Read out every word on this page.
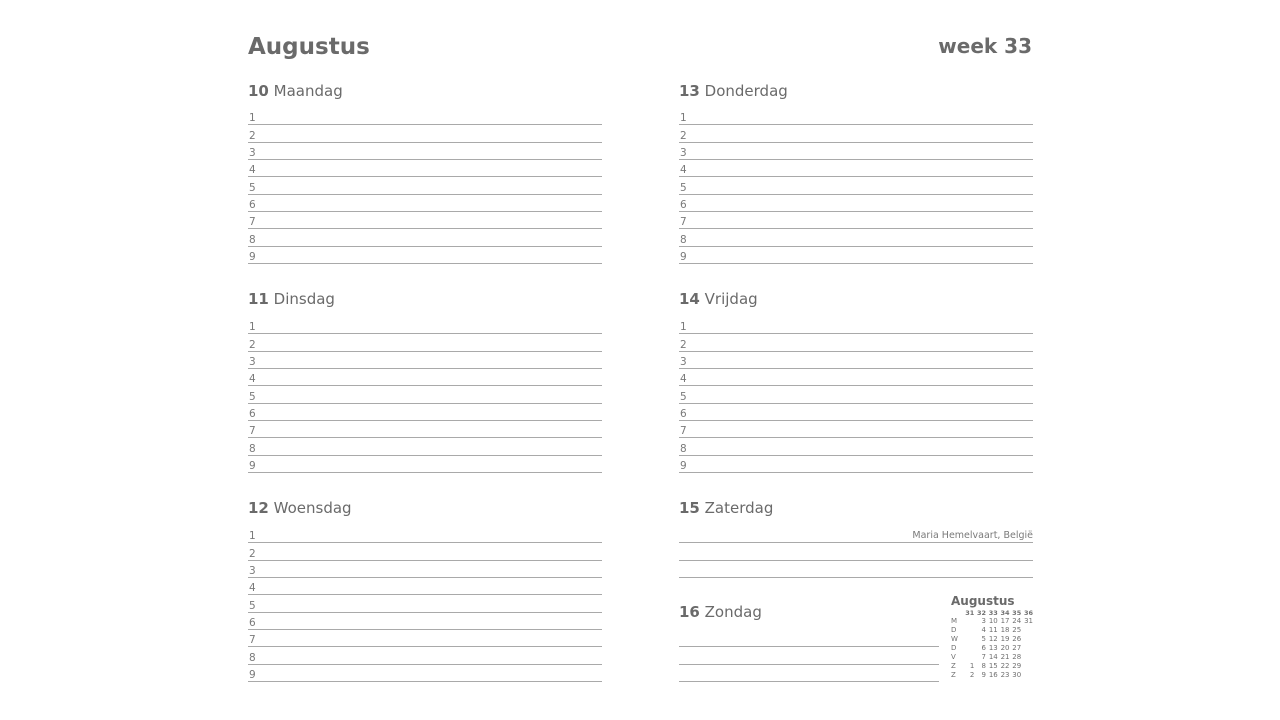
Augustus	week 33
10 Maandag
1
2
3
4
5
6
7
8
9
11 Dinsdag
1
2
3
4
5
6
7
8
9
12 Woensdag
1
2
3
4
5
6
7
8
9
13 Donderdag
1
2
3
4
5
6
7
8
9
14 Vrijdag
1
2
3
4
5
6
7
8
9
15 Zaterdag
Maria Hemelvaart, België
16 Zondag
Augustus
	31	32	33	34	35	36
M		3	10	17	24	31
D		4	11	18	25	
W		5	12	19	26	
D		6	13	20	27	
V		7	14	21	28	
Z	1	8	15	22	29	
Z	2	9	16	23	30	
